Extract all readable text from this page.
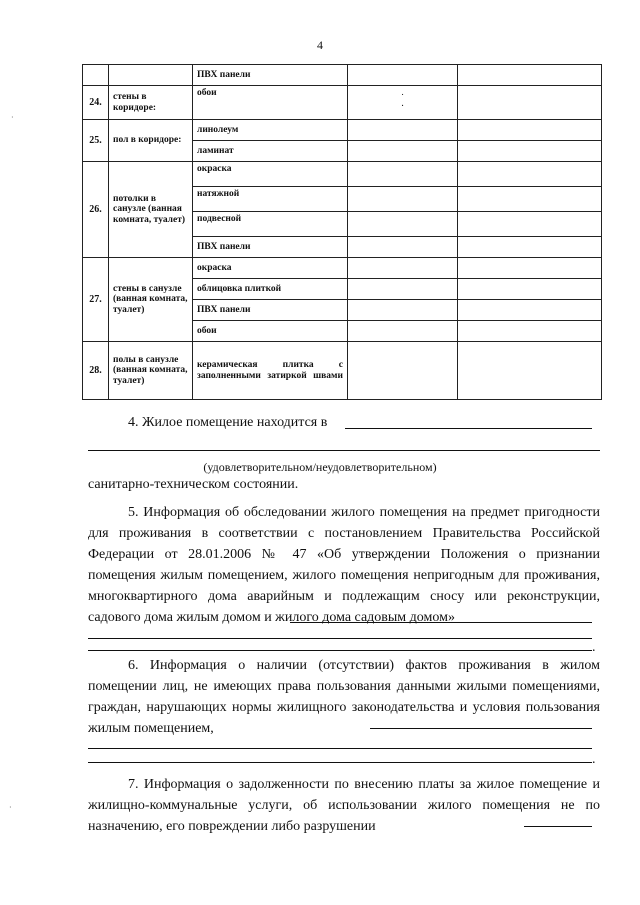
4
		ПВХ панели		
24.	стены в коридоре:	обои	˙
·	

25.	пол в коридоре:	линолеум		
		ламинат		
26.	потолки в санузле (ванная комната, туалет)	окраска		
		натяжной		
		подвесной		
		ПВХ панели		
27.	стены в санузле (ванная комната, туалет)	окраска		
		облицовка плиткой		
		ПВХ панели		
		обои		
28.	полы в санузле (ванная комната, туалет)	керамическая плитка с заполненными затиркой швами		
4. Жилое помещение находится в
(удовлетворительном/неудовлетворительном)
санитарно-техническом состоянии.
5. Информация об обследовании жилого помещения на предмет пригодности для проживания в соответствии с постановлением Правительства Российской Федерации от 28.01.2006 № 47 «Об утверждении Положения о признании помещения жилым помещением, жилого помещения непригодным для проживания, многоквартирного дома аварийным и подлежащим сносу или реконструкции, садового дома жилым домом и жилого дома садовым домом»
.
6. Информация о наличии (отсутствии) фактов проживания в жилом помещении лиц, не имеющих права пользования данными жилыми помещениями, граждан, нарушающих нормы жилищного законодательства и условия пользования жилым помещением,
.
7. Информация о задолженности по внесению платы за жилое помещение и жилищно-коммунальные услуги, об использовании жилого помещения не по назначению, его повреждении либо разрушении
·
·
